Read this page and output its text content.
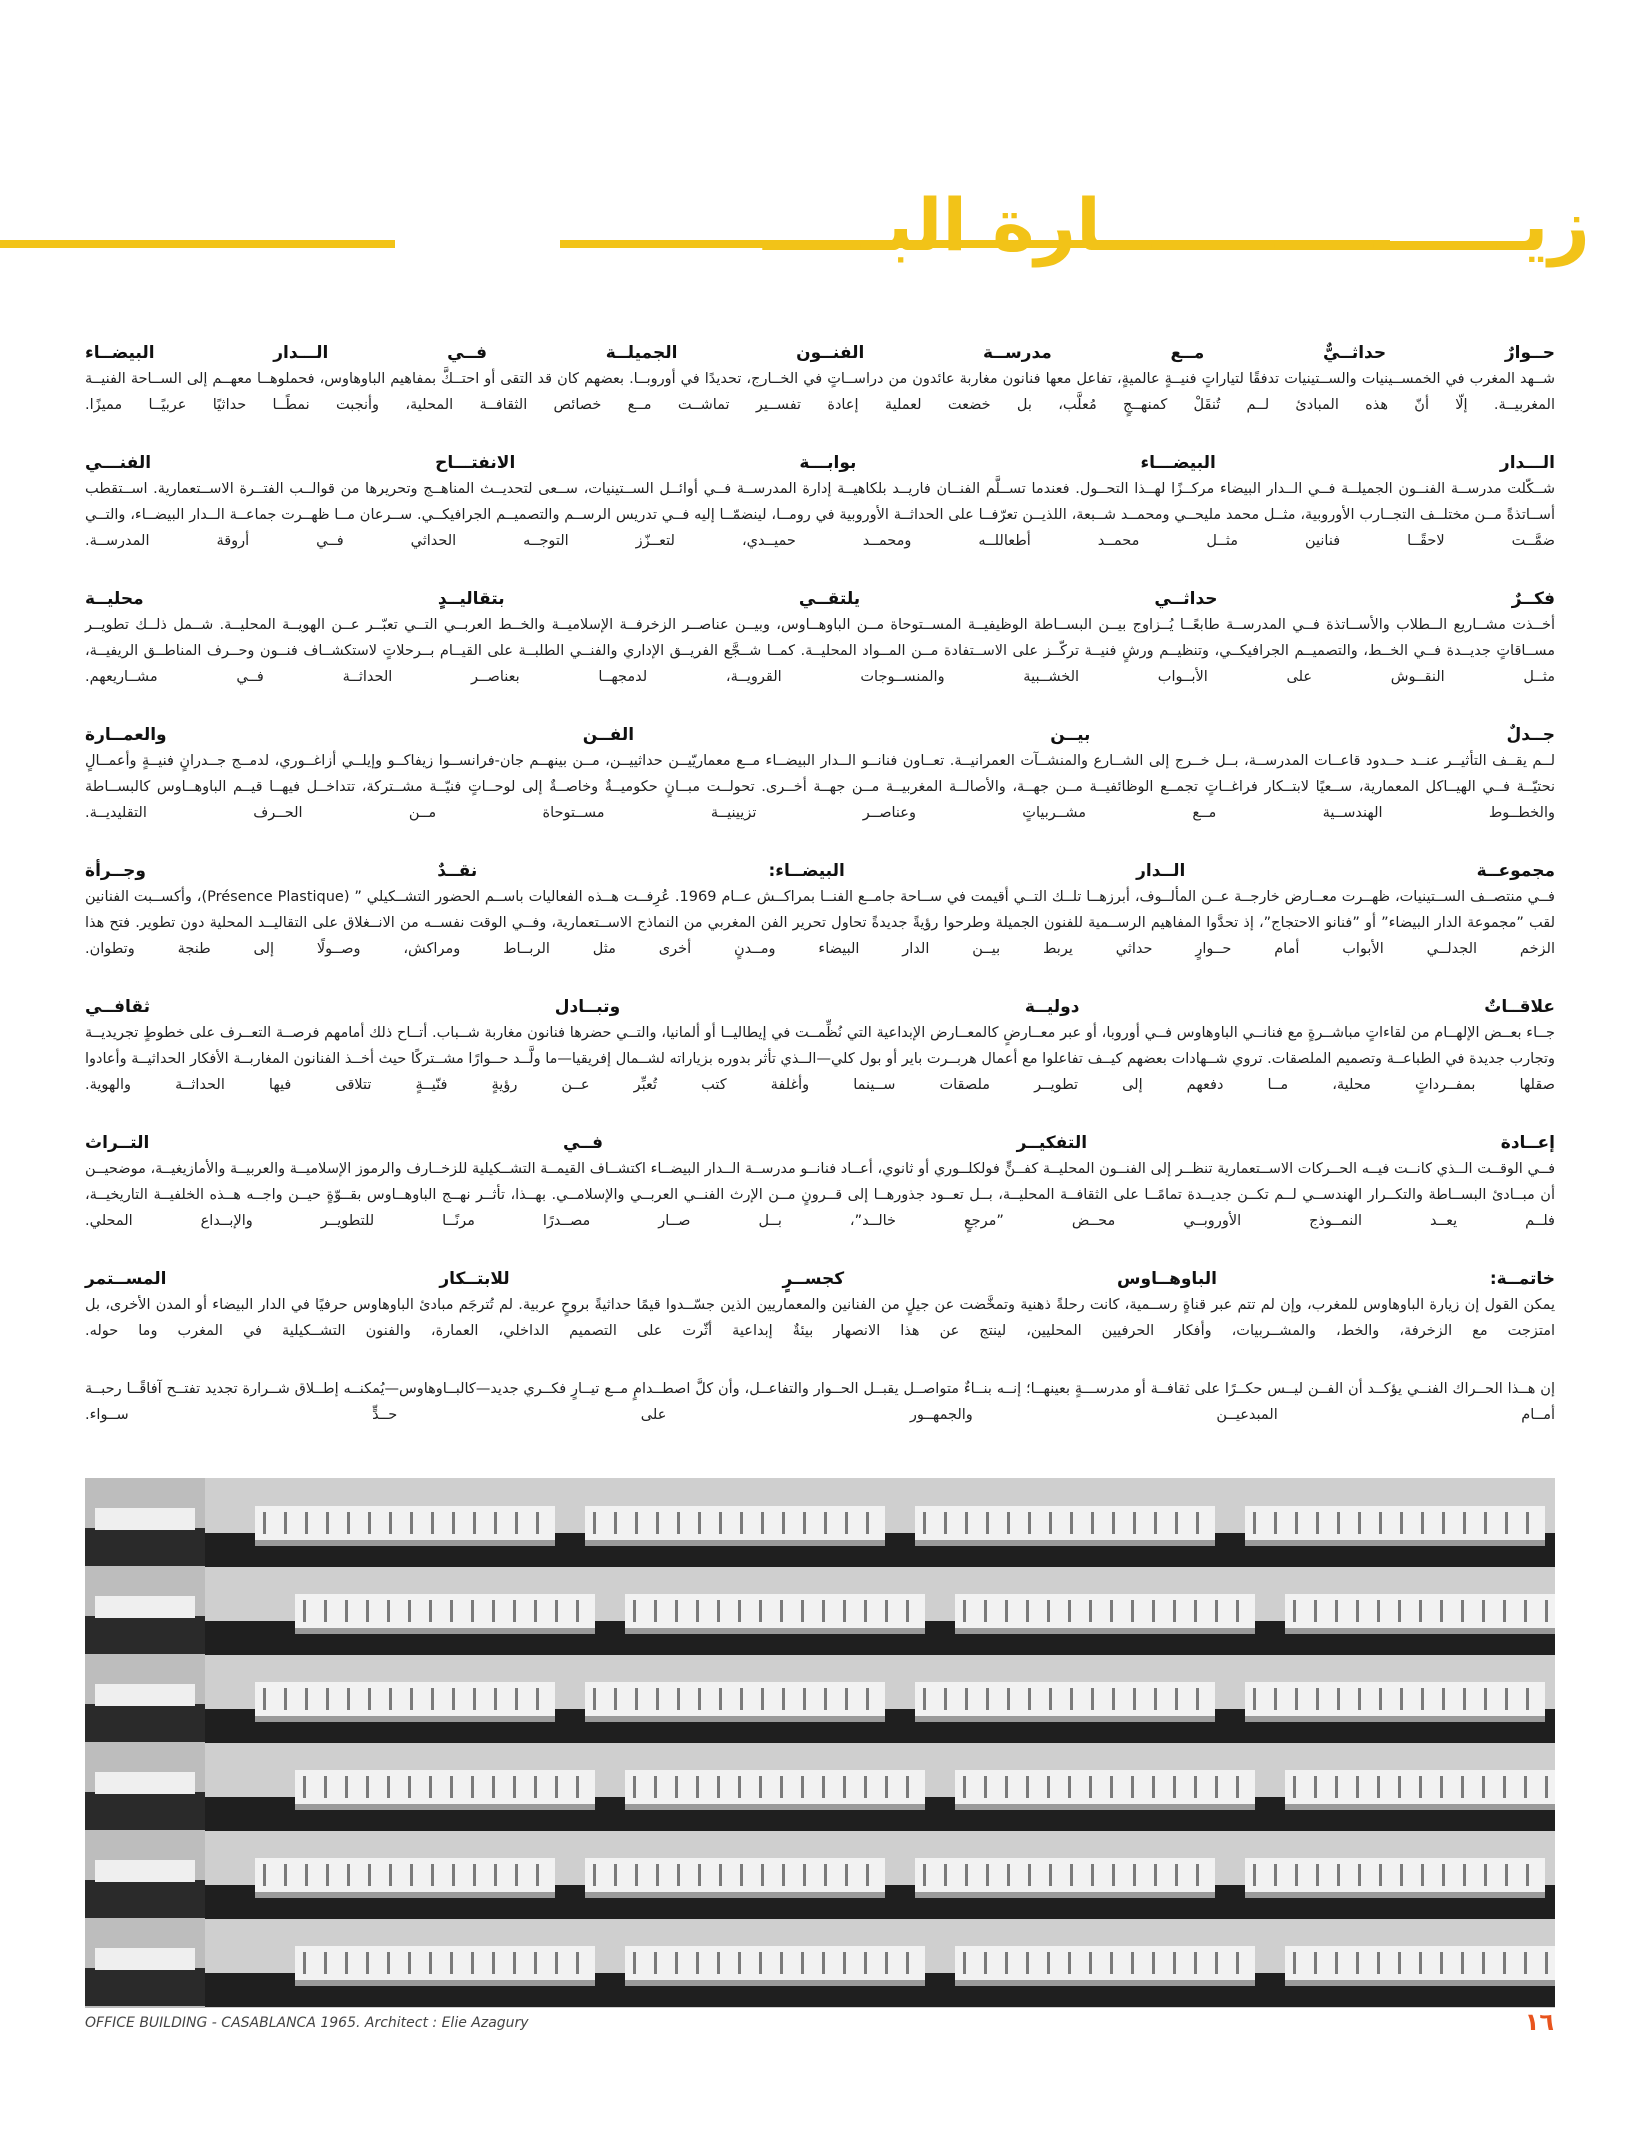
زيـــــــــــــــــارة البـــــ
حــوارٌ
حداثــيٌّ
مــع
مدرســة
الفنــون
الجميلــة
فــي
الـــدار
البيضــاء

شــهد المغرب في الخمســينيات والســتينيات تدفقًا لتياراتٍ فنيــةٍ عالميةٍ، تفاعل معها فنانون مغاربة عائدون من دراســاتٍ في الخــارج، تحديدًا في أوروبــا. بعضهم كان قد التقى أو احتــكَّ بمفاهيم الباوهاوس، فحملوهــا معهــم إلى الســاحة الفنيــة المغربيــة. إلّا أنّ هذه المبادئ لــم تُنقَلْ كمنهــجٍ مُعلَّب، بل خضعت لعملية إعادة تفســير تماشــت مــع خصائص الثقافــة المحلية، وأنجبت نمطًــا حداثيًا عربيًــا مميزًا.

الـــدار
البيضـــاء
بوابـــة
الانفتـــاح
الفنـــي

شــكّلت مدرســة الفنــون الجميلــة فــي الــدار البيضاء مركــزًا لهــذا التحــول. فعندما تســلَّم الفنــان فاريــد بلكاهيــة إدارة المدرســة فــي أوائــل الســتينيات، ســعى لتحديــث المناهــج وتحريرها من قوالــب الفتــرة الاســتعمارية. اســتقطب أســاتذةً مــن مختلــف التجــارب الأوروبية، مثــل محمد مليحــي ومحمــد شــبعة، اللذيــن تعرّفــا على الحداثــة الأوروبية في رومــا، لينضمّــا إليه فــي تدريس الرســم والتصميــم الجرافيكــي. ســرعان مــا ظهــرت جماعــة الــدار البيضــاء، والتــي ضمَّــت لاحقًــا فنانين مثــل محمــد أطعاللــه ومحمــد حميــدي، لتعــزّز التوجــه الحداثي فــي أروقة المدرســة.

فكــرٌ
حداثــي
يلتقــي
بتقاليــدٍ
محليــة

أخــذت مشــاريع الــطلاب والأســاتذة فــي المدرســة طابعًــا يُــزاوج بيــن البســاطة الوظيفيــة المســتوحاة مــن الباوهــاوس، وبيــن عناصــر الزخرفــة الإسلاميــة والخــط العربــي التــي تعبّــر عــن الهويــة المحليــة. شــمل ذلــك تطويــر مســاقاتٍ جديــدة فــي الخــط، والتصميــم الجرافيكــي، وتنظيــم ورشٍ فنيــة تركّــز على الاســتفادة مــن المــواد المحليــة. كمــا شــجَّع الفريــق الإداري والفنــي الطلبــة على القيــام بــرحلاتٍ لاستكشــاف فنــون وحــرف المناطــق الريفيــة، مثــل النقــوش على الأبــواب الخشــبية والمنســوجات القرويــة، لدمجهــا بعناصــر الحداثــة فــي مشــاريعهم.

جــدلٌ
بيــن
الفــن
والعمــارة

لــم يقــف التأثيــر عنــد حــدود قاعــات المدرســة، بــل خــرج إلى الشــارع والمنشــآت العمرانيــة. تعــاون فنانــو الــدار البيضــاء مــع معماريّيــن حداثييــن، مــن بينهــم جان-فرانســوا زيفاكــو وإيلــي أزاغــوري، لدمــج جــدرانٍ فنيــةٍ وأعمــالٍ نحتيّــة فــي الهيــاكل المعمارية، ســعيًا لابتــكار فراغــاتٍ تجمــع الوظائفيــة مــن جهــة، والأصالــة المغربيــة مــن جهــة أخــرى. تحولــت مبــانٍ حكوميــةٌ وخاصــةٌ إلى لوحــاتٍ فنيّــة مشــتركة، تتداخــل فيهــا قيــم الباوهــاوس كالبســاطة والخطــوط الهندســية مــع مشــربياتٍ وعناصــر تزيينيــة مســتوحاة مــن الحــرف التقليديــة.

مجموعــة
الــدار
البيضــاء:
نقــدٌ
وجــرأة

فــي منتصــف الســتينيات، ظهــرت معــارض خارجــة عــن المألــوف، أبرزهــا تلــك التــي أقيمت في ســاحة جامــع الفنــا بمراكــش عــام 1969. عُرِفــت هــذه الفعاليات باســم الحضور التشــكيلي ” (Présence Plastique)، وأكســبت الفنانين لقب ”مجموعة الدار البيضاء” أو ”فنانو الاحتجاج”، إذ تحدَّوا المفاهيم الرســمية للفنون الجميلة وطرحوا رؤيةً جديدةً تحاول تحرير الفن المغربي من النماذج الاســتعمارية، وفــي الوقت نفســه من الانــغلاق على التقاليــد المحلية دون تطوير. فتح هذا الزخم الجدلــي الأبواب أمام حــوارٍ حداثي يربط بيــن الدار البيضاء ومــدنٍ أخرى مثل الربــاط ومراكش، وصــولًا إلى طنجة وتطوان.

علاقــاتٌ
دوليــة
وتبــادل
ثقافــي

جــاء بعــض الإلهــام من لقاءاتٍ مباشــرةٍ مع فنانــي الباوهاوس فــي أوروبا، أو عبر معــارضٍ كالمعــارض الإبداعية التي نُظِّمــت في إيطاليــا أو ألمانيا، والتــي حضرها فنانون مغاربة شــباب. أتــاح ذلك أمامهم فرصــة التعــرف على خطوطٍ تجريديــة وتجارب جديدة في الطباعــة وتصميم الملصقات. تروي شــهادات بعضهم كيــف تفاعلوا مع أعمال هربــرت باير أو بول كلي—الــذي تأثر بدوره بزياراته لشــمال إفريقيا—ما ولَّــد حــوارًا مشــتركًا حيث أخــذ الفنانون المغاربــة الأفكار الحداثيــة وأعادوا صقلها بمفــرداتٍ محلية، مــا دفعهم إلى تطويــر ملصقات ســينما وأغلفة كتب تُعبِّر عــن رؤيةٍ فنّيــةٍ تتلاقى فيها الحداثــة والهوية.

إعــادة
التفكيــر
فــي
التــراث

فــي الوقــت الــذي كانــت فيــه الحــركات الاســتعمارية تنظــر إلى الفنــون المحليــة كفــنٍّ فولكلــوري أو ثانوي، أعــاد فنانــو مدرســة الــدار البيضــاء اكتشــاف القيمــة التشــكيلية للزخــارف والرموز الإسلاميــة والعربيــة والأمازيغيــة، موضحيــن أن مبــادئ البســاطة والتكــرار الهندســي لــم تكــن جديــدة تمامًــا على الثقافــة المحليــة، بــل تعــود جذورهــا إلى قــرونٍ مــن الإرث الفنــي العربــي والإسلامــي. بهــذا، تأثــر نهــج الباوهــاوس بقــوّةٍ حيــن واجــه هــذه الخلفيــة التاريخيــة، فلــم يعــد النمــوذج الأوروبــي محــض ”مرجعٍ خالــد”، بــل صــار مصــدرًا مرنًــا للتطويــر والإبــداع المحلي.

خاتمــة:
الباوهــاوس
كجســرٍ
للابتــكار
المســتمر

يمكن القول إن زيارة الباوهاوس للمغرب، وإن لم تتم عبر قناةٍ رســمية، كانت رحلةً ذهنية وتمخَّضت عن جيلٍ من الفنانين والمعماريين الذين جسّــدوا قيمًا حداثيةً بروحٍ عربية. لم تُترجَم مبادئ الباوهاوس حرفيًا في الدار البيضاء أو المدن الأخرى، بل امتزجت مع الزخرفة، والخط، والمشــربيات، وأفكار الحرفيين المحليين، لينتج عن هذا الانصهار بيئةٌ إبداعية أثّرت على التصميم الداخلي، العمارة، والفنون التشــكيلية في المغرب وما حوله.

إن هــذا الحــراك الفنــي يؤكــد أن الفــن ليــس حكــرًا على ثقافــة أو مدرســـةٍ بعينهــا؛ إنــه بنــاءٌ متواصــل يقبــل الحــوار والتفاعــل، وأن كلَّ اصطــدامٍ مــع تيــارٍ فكــري جديد—كالبــاوهاوس—يُمكنــه إطــلاق شــرارة تجديد تفتــح آفاقًــا رحبــة أمــام المبدعيــن والجمهــور على حــدٍّ ســواء.

OFFICE BUILDING - CASABLANCA 1965. Architect : Elie Azagury	١٦
